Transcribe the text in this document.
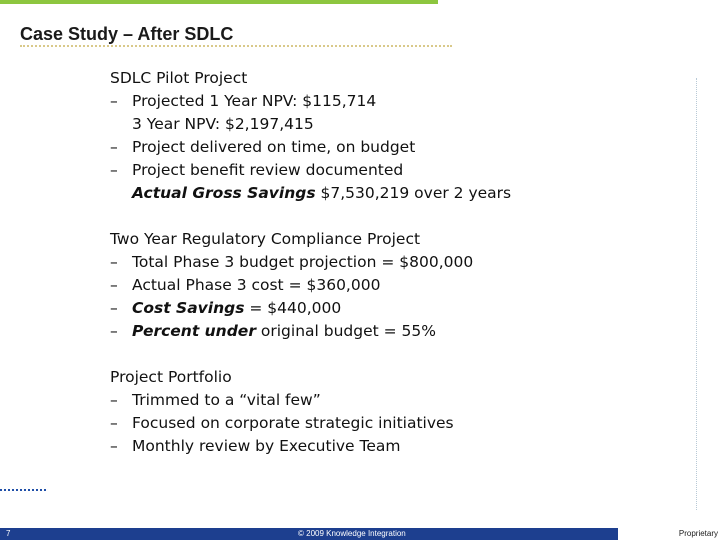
Case Study – After SDLC
SDLC Pilot Project
– Projected 1 Year NPV: $115,714
3 Year NPV: $2,197,415
– Project delivered on time, on budget
– Project benefit review documented
Actual Gross Savings $7,530,219 over 2 years
Two Year Regulatory Compliance Project
– Total Phase 3 budget projection = $800,000
– Actual Phase 3 cost = $360,000
– Cost Savings = $440,000
– Percent under original budget = 55%
Project Portfolio
– Trimmed to a “vital few”
– Focused on corporate strategic initiatives
– Monthly review by Executive Team
7	© 2009 Knowledge Integration	Proprietary
